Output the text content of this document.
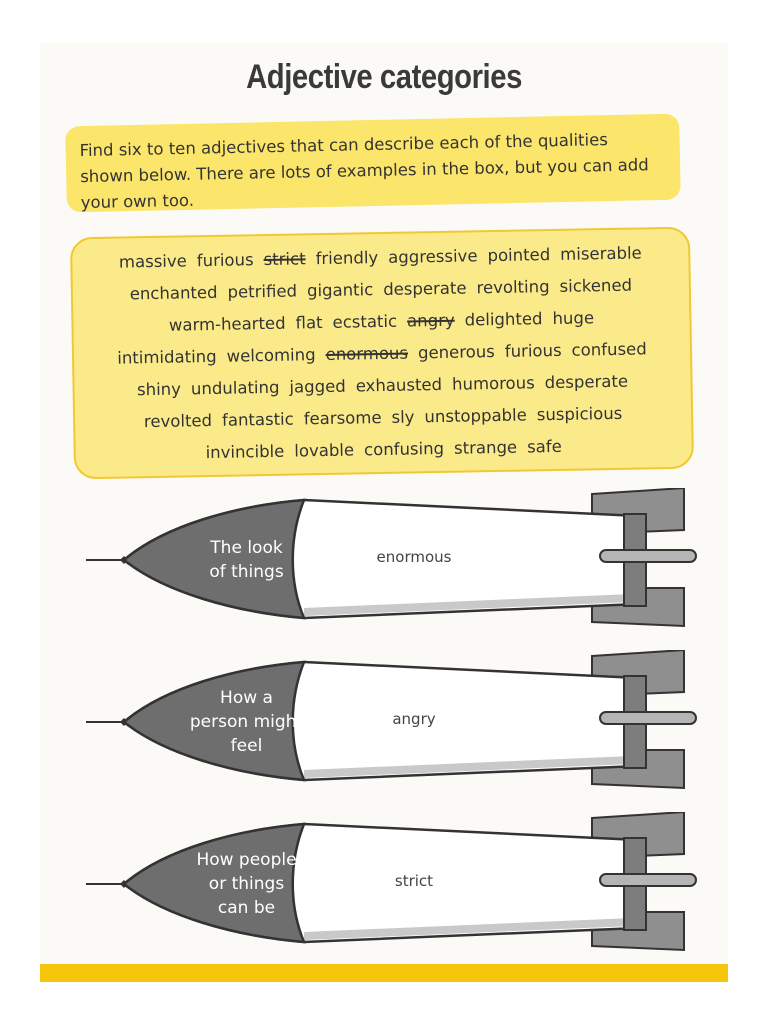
Adjective categories

Find six to ten adjectives that can describe each of the qualities shown below. There are lots of examples in the box, but you can add your own too.

massive furious strict friendly aggressive pointed miserable
enchanted petrified gigantic desperate revolting sickened
warm-hearted flat ecstatic angry delighted huge
intimidating welcoming enormous generous furious confused
shiny undulating jagged exhausted humorous desperate
revolted fantastic fearsome sly unstoppable suspicious
invincible lovable confusing strange safe
The look
of things
enormous
How a
person might
feel
angry
How people
or things
can be
strict
